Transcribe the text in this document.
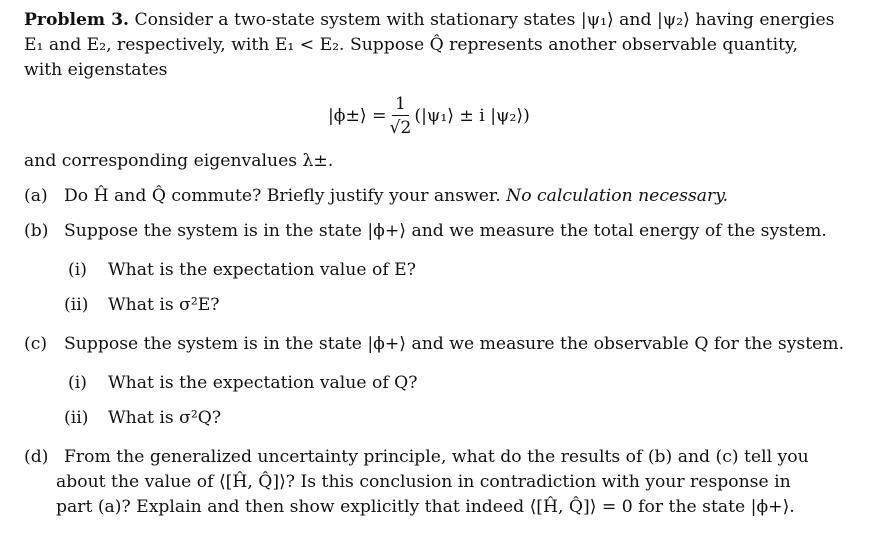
Problem 3. Consider a two-state system with stationary states |ψ₁⟩ and |ψ₂⟩ having energies
E₁ and E₂, respectively, with E₁ < E₂. Suppose Q̂ represents another observable quantity,
with eigenstates

|ϕ±⟩ = $\frac{1}{√2}$ (|ψ₁⟩ ± i |ψ₂⟩)

and corresponding eigenvalues λ±.

(a) Do Ĥ and Q̂ commute? Briefly justify your answer. No calculation necessary.
(b) Suppose the system is in the state |ϕ+⟩ and we measure the total energy of the system.
(i) What is the expectation value of E?
(ii) What is σ²E?
(c) Suppose the system is in the state |ϕ+⟩ and we measure the observable Q for the system.
(i) What is the expectation value of Q?
(ii) What is σ²Q?
(d) From the generalized uncertainty principle, what do the results of (b) and (c) tell you
about the value of ⟨[Ĥ, Q̂]⟩? Is this conclusion in contradiction with your response in
part (a)? Explain and then show explicitly that indeed ⟨[Ĥ, Q̂]⟩ = 0 for the state |ϕ+⟩.
